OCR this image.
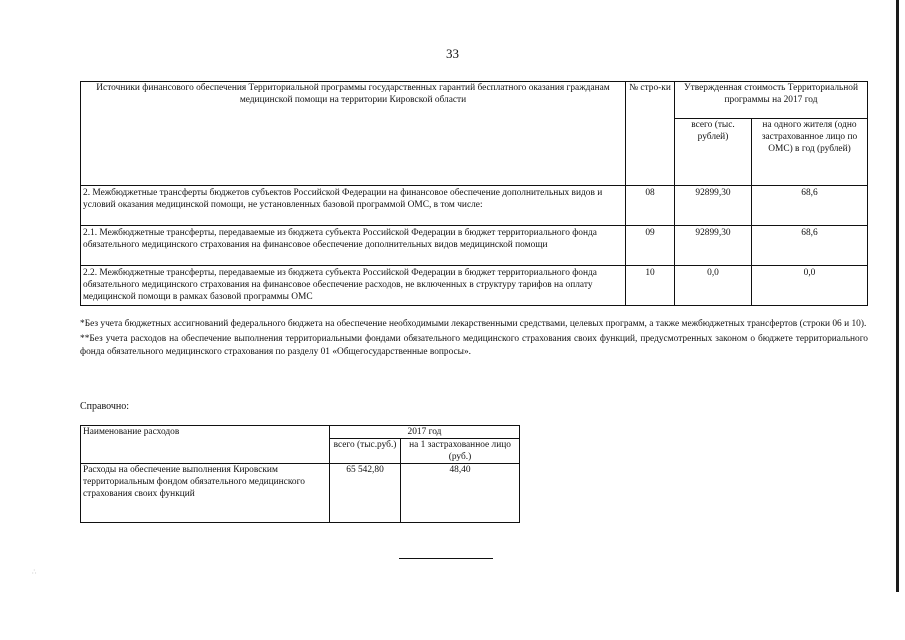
33
Источники финансового обеспечения Территориальной программы государственных гарантий бесплатного оказания гражданам медицинской помощи на территории Кировской области	№ стро-ки	Утвержденная стоимость Территориальной программы на 2017 год	
		всего (тыс. рублей)	на одного жителя (одно застрахованное лицо по ОМС) в год (рублей)
2. Межбюджетные трансферты бюджетов субъектов Российской Федерации на финансовое обеспечение дополнительных видов и условий оказания медицинской помощи, не установленных базовой программой ОМС, в том числе:	08	92899,30	68,6
2.1. Межбюджетные трансферты, передаваемые из бюджета субъекта Российской Федерации в бюджет территориального фонда обязательного медицинского страхования на финансовое обеспечение дополнительных видов медицинской помощи	09	92899,30	68,6
2.2. Межбюджетные трансферты, передаваемые из бюджета субъекта Российской Федерации в бюджет территориального фонда обязательного медицинского страхования на финансовое обеспечение расходов, не включенных в структуру тарифов на оплату медицинской помощи в рамках базовой программы ОМС	10	0,0	0,0

*Без учета бюджетных ассигнований федерального бюджета на обеспечение необходимыми лекарственными средствами, целевых программ, а также межбюджетных трансфертов (строки 06 и 10).

**Без учета расходов на обеспечение выполнения территориальными фондами обязательного медицинского страхования своих функций, предусмотренных законом о бюджете территориального фонда обязательного медицинского страхования по разделу 01 «Общегосударственные вопросы».

Справочно:
Наименование расходов	2017 год	
	всего (тыс.руб.)	на 1 застрахованное лицо (руб.)
Расходы на обеспечение выполнения Кировским территориальным фондом обязательного медицинского страхования своих функций	65 542,80	48,40
∴
